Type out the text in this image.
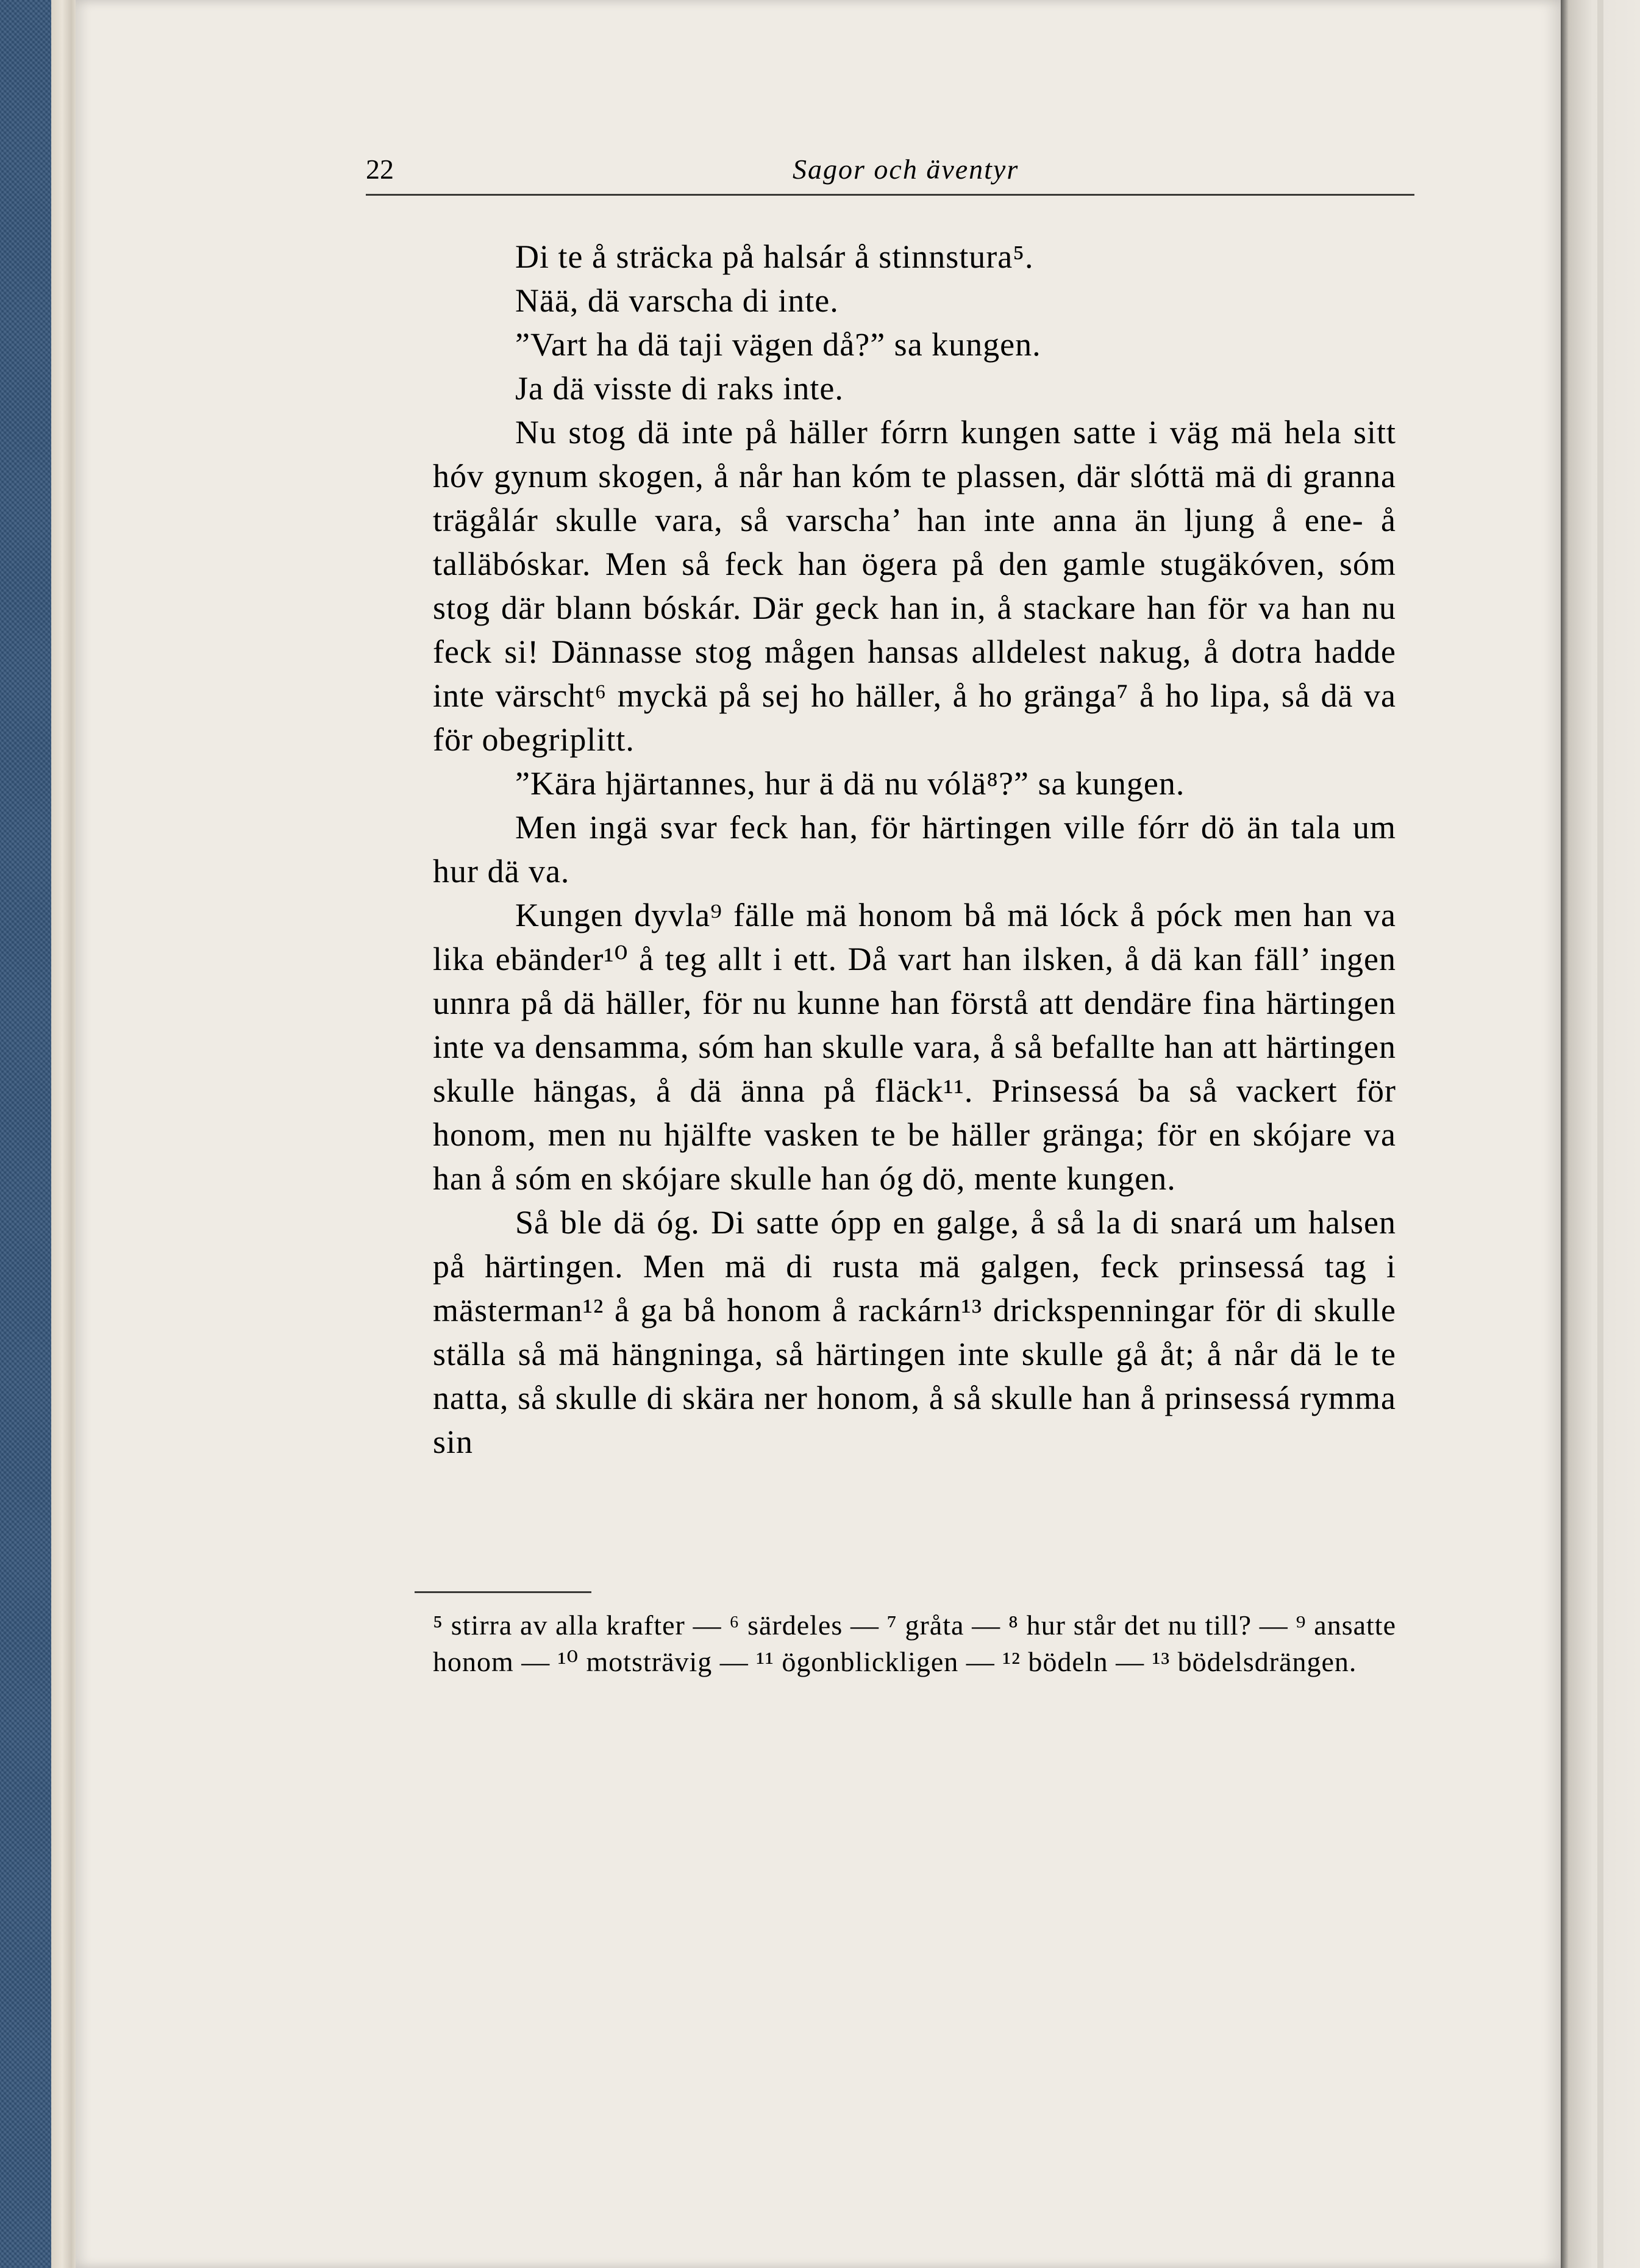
22	Sagor och äventyr

Di te å sträcka på halsár å stinnstura⁵.

Nää, dä varscha di inte.

”Vart ha dä taji vägen då?” sa kungen.

Ja dä visste di raks inte.

Nu stog dä inte på häller fórrn kungen satte i väg mä hela sitt hóv gynum skogen, å når han kóm te plassen, där slóttä mä di granna trägålár skulle vara, så varscha’ han inte anna än ljung å ene- å talläbóskar. Men så feck han ögera på den gamle stugäkóven, sóm stog där blann bóskár. Där geck han in, å stackare han för va han nu feck si! Dännasse stog mågen hansas alldelest nakug, å dotra hadde inte värscht⁶ myckä på sej ho häller, å ho gränga⁷ å ho lipa, så dä va för obegriplitt.

”Kära hjärtannes, hur ä dä nu vólä⁸?” sa kungen.

Men ingä svar feck han, för härtingen ville fórr dö än tala um hur dä va.

Kungen dyvla⁹ fälle mä honom bå mä lóck å póck men han va lika ebänder¹⁰ å teg allt i ett. Då vart han ilsken, å dä kan fäll’ ingen unnra på dä häller, för nu kunne han förstå att dendäre fina härtingen inte va densamma, sóm han skulle vara, å så befallte han att härtingen skulle hängas, å dä änna på fläck¹¹. Prinsessá ba så vackert för honom, men nu hjälfte vasken te be häller gränga; för en skójare va han å sóm en skójare skulle han óg dö, mente kungen.

Så ble dä óg. Di satte ópp en galge, å så la di snará um halsen på härtingen. Men mä di rusta mä galgen, feck prinsessá tag i mästerman¹² å ga bå honom å rackárn¹³ drickspenningar för di skulle ställa så mä hängninga, så härtingen inte skulle gå åt; å når dä le te natta, så skulle di skära ner honom, å så skulle han å prinsessá rymma sin

⁵ stirra av alla krafter — ⁶ särdeles — ⁷ gråta — ⁸ hur står det nu till? — ⁹ ansatte honom — ¹⁰ motsträvig — ¹¹ ögonblickligen — ¹² bödeln — ¹³ bödelsdrängen.
